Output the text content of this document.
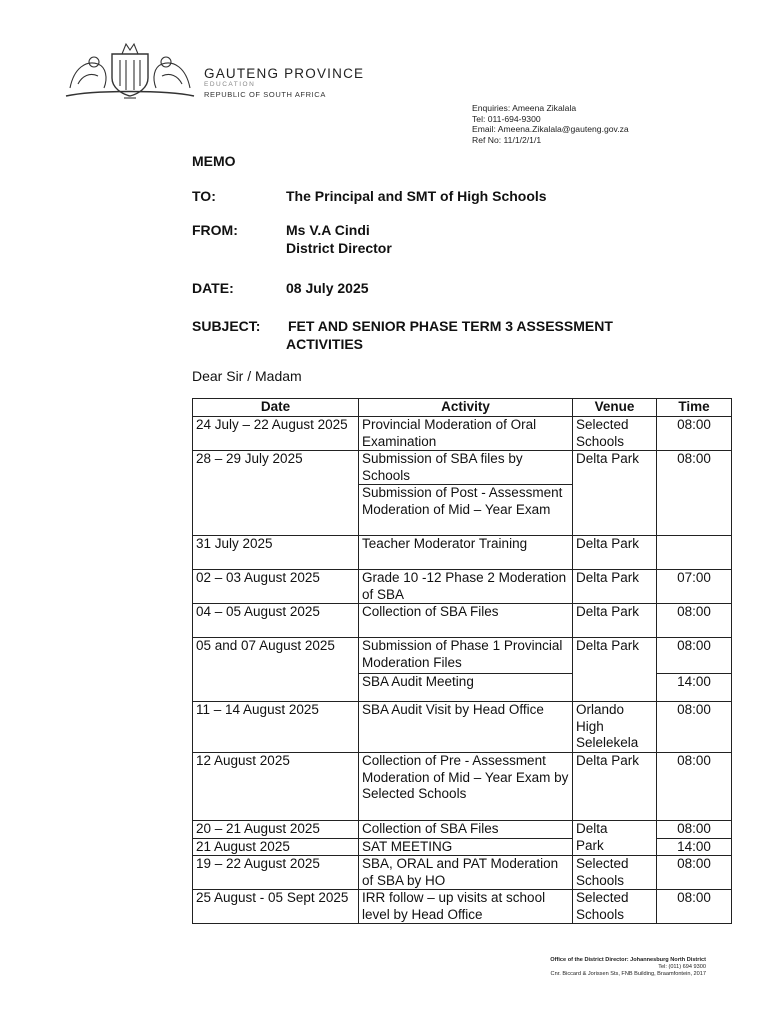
GAUTENG PROVINCE
EDUCATION
REPUBLIC OF SOUTH AFRICA
Enquiries: Ameena Zikalala
Tel: 011-694-9300
Email: Ameena.Zikalala@gauteng.gov.za
Ref No: 11/1/2/1/1
MEMO
TO:	The Principal and SMT of High Schools
FROM:	Ms V.A Cindi
District Director
DATE:	08 July 2025
SUBJECT: FET AND SENIOR PHASE TERM 3 ASSESSMENT
ACTIVITIES
Dear Sir / Madam
Date	Activity	Venue	Time
24 July – 22 August 2025	Provincial Moderation of Oral Examination	Selected Schools	08:00
28 – 29 July 2025	Submission of SBA files by Schools	Delta Park	08:00
	Submission of Post - Assessment Moderation of Mid – Year Exam		
31 July 2025	Teacher Moderator Training	Delta Park	
02 – 03 August 2025	Grade 10 -12 Phase 2 Moderation of SBA	Delta Park	07:00
04 – 05 August 2025	Collection of SBA Files	Delta Park	08:00
05 and 07 August 2025	Submission of Phase 1 Provincial Moderation Files	Delta Park	08:00
	SBA Audit Meeting		14:00
11 – 14 August 2025	SBA Audit Visit by Head Office	Orlando High Selelekela	08:00
12 August 2025	Collection of Pre - Assessment Moderation of Mid – Year Exam by Selected Schools	Delta Park	08:00
20 – 21 August 2025	Collection of SBA Files	Delta	08:00
21 August 2025	SAT MEETING	Park	14:00
19 – 22 August 2025	SBA, ORAL and PAT Moderation of SBA by HO	Selected Schools	08:00
25 August - 05 Sept 2025	IRR follow – up visits at school level by Head Office	Selected Schools	08:00
Office of the District Director: Johannesburg North District
Tel: (011) 694 9300
Cnr. Biccard & Jorissen Sts, FNB Building, Braamfontein, 2017
